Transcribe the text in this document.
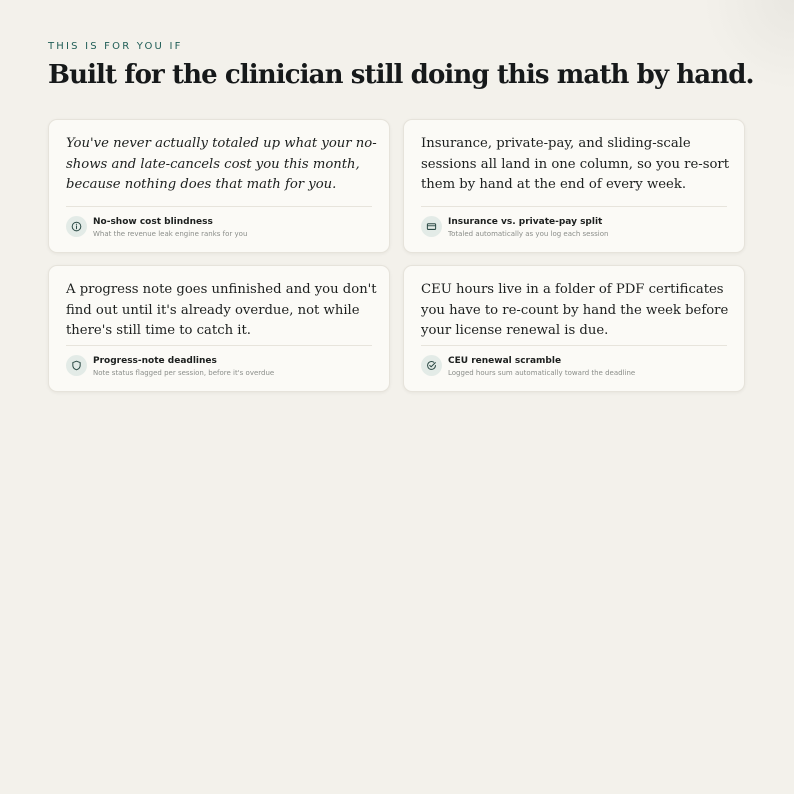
THIS IS FOR YOU IF
Built for the clinician still doing this math by hand.

You've never actually totaled up what your no-shows and late-cancels cost you this month, because nothing does that math for you.

No-show cost blindness
What the revenue leak engine ranks for you

Insurance, private-pay, and sliding-scale sessions all land in one column, so you re-sort them by hand at the end of every week.

Insurance vs. private-pay split
Totaled automatically as you log each session

A progress note goes unfinished and you don't find out until it's already overdue, not while there's still time to catch it.

Progress-note deadlines
Note status flagged per session, before it's overdue

CEU hours live in a folder of PDF certificates you have to re-count by hand the week before your license renewal is due.

CEU renewal scramble
Logged hours sum automatically toward the deadline
